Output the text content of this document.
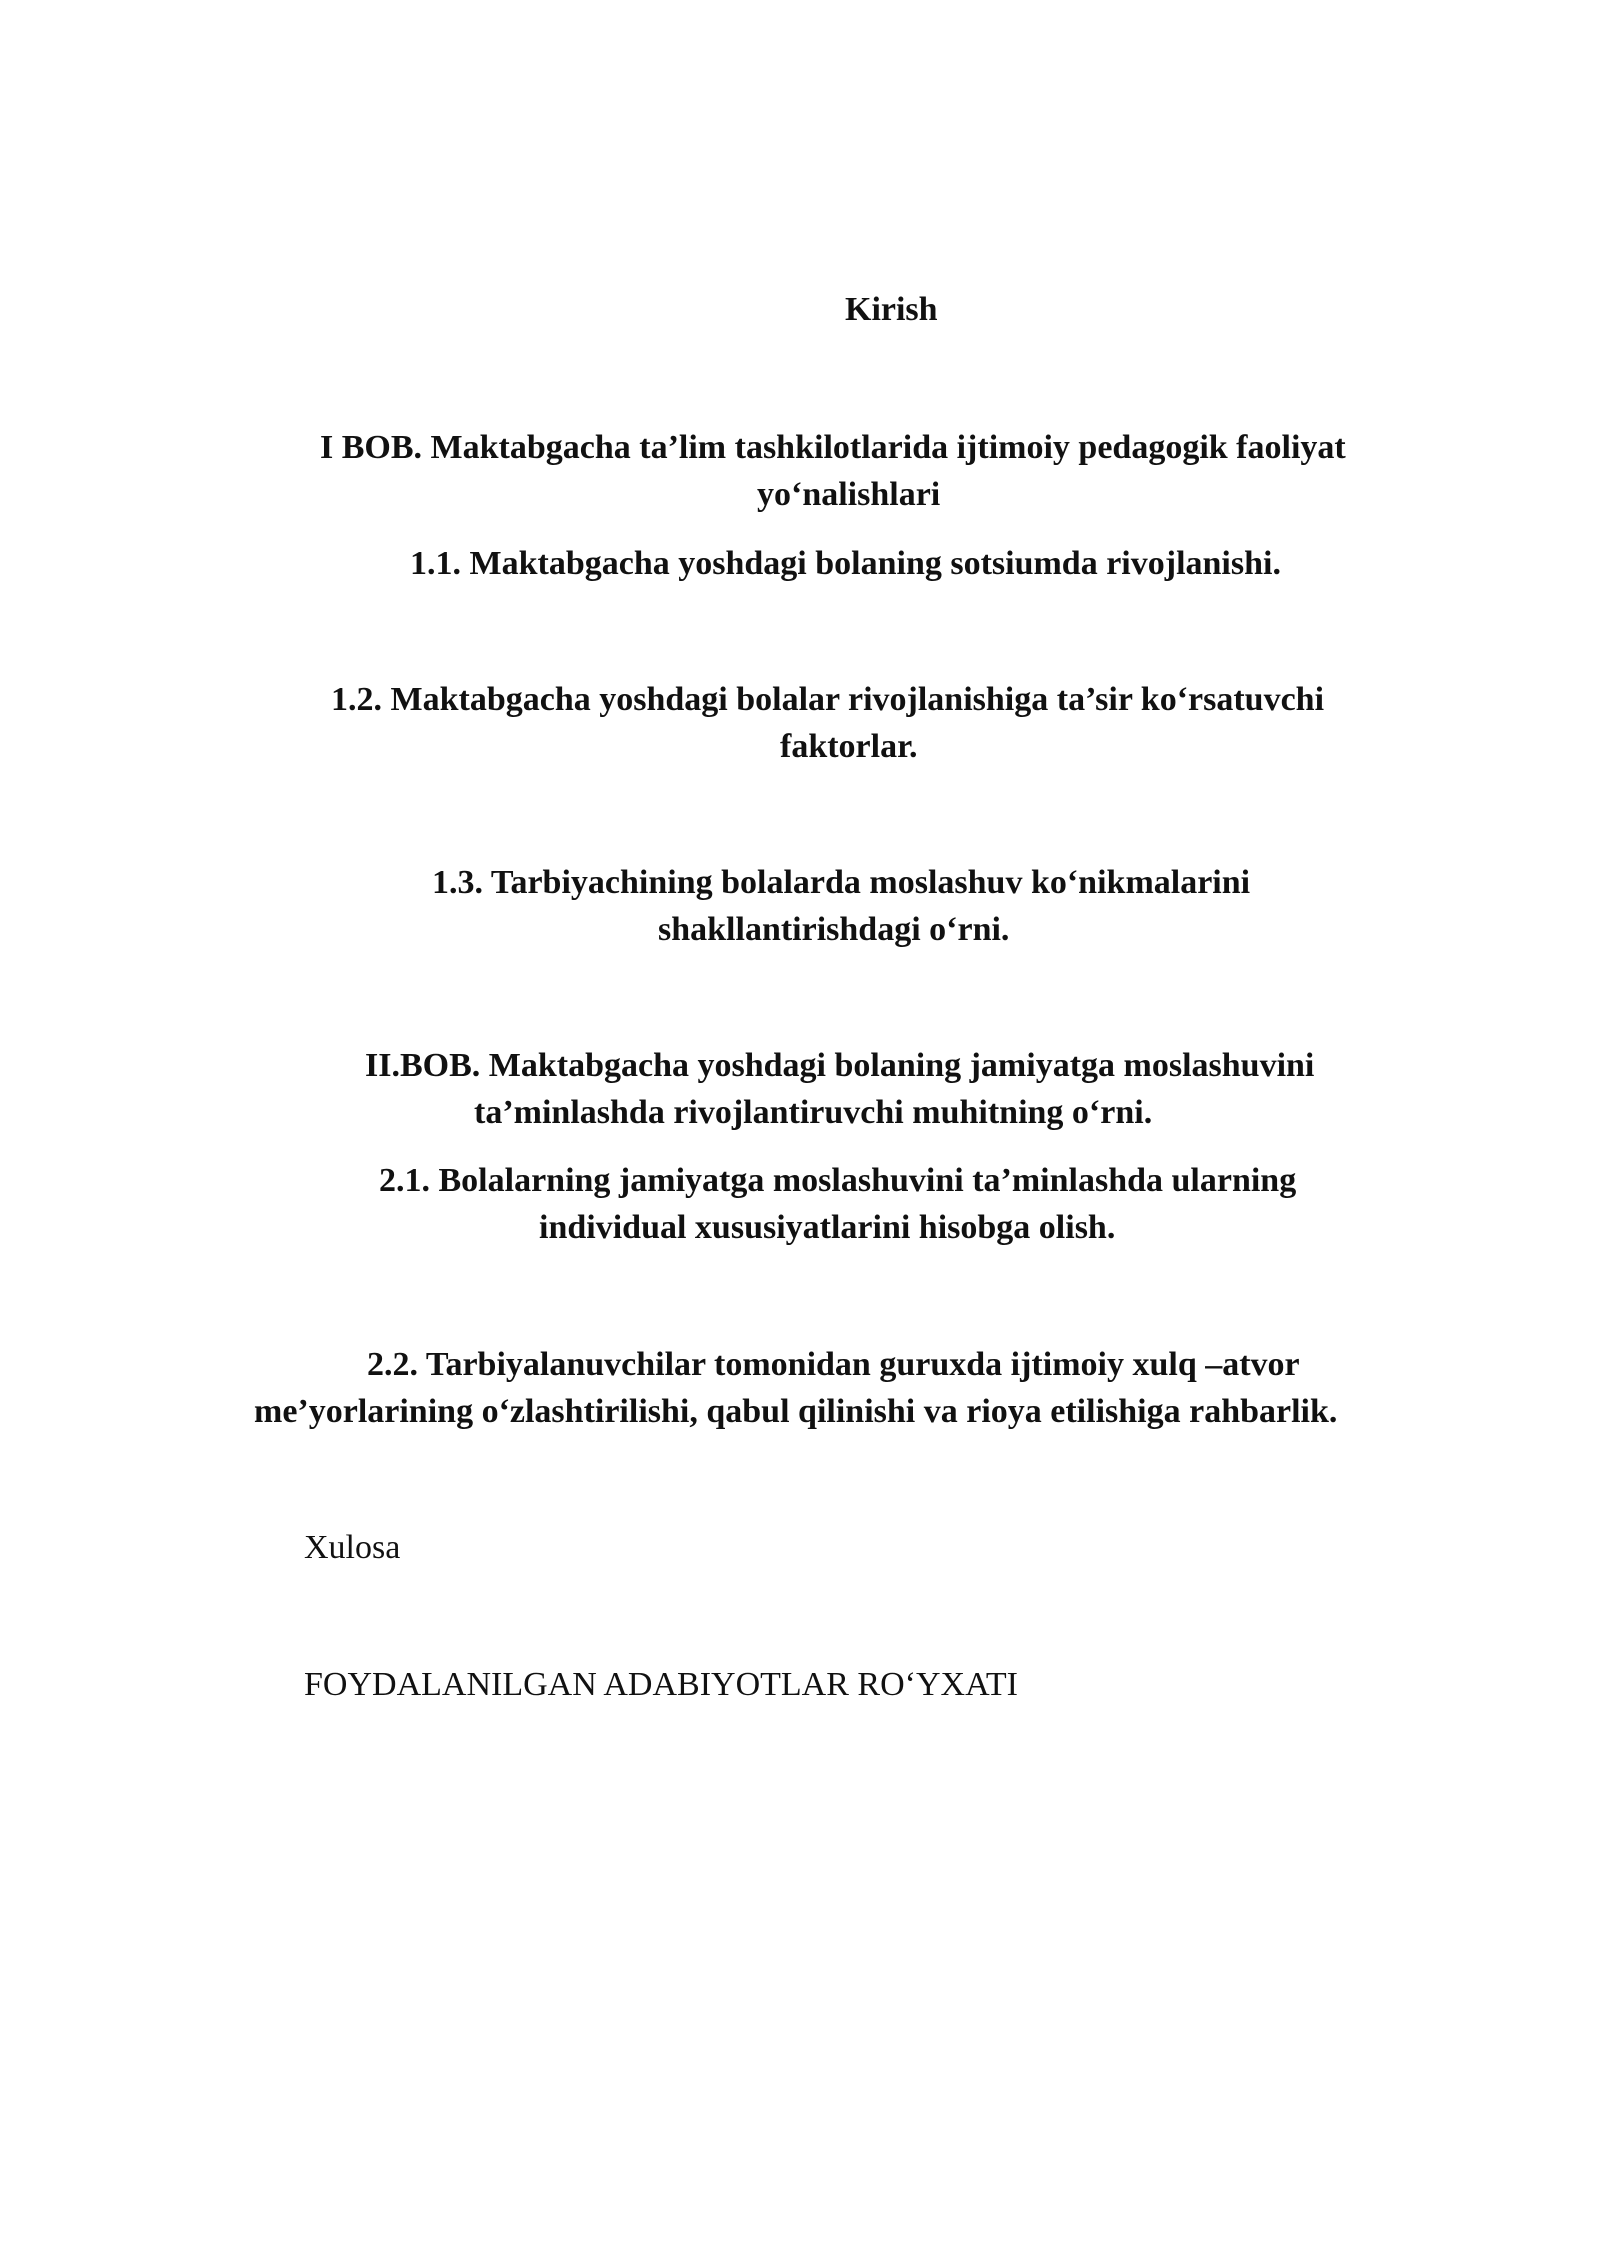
Kirish

I BOB. Maktabgacha ta’lim tashkilotlarida ijtimoiy pedagogik faoliyat

yo‘nalishlari

1.1. Maktabgacha yoshdagi bolaning sotsiumda rivojlanishi.

1.2. Maktabgacha yoshdagi bolalar rivojlanishiga ta’sir ko‘rsatuvchi

faktorlar.

1.3. Tarbiyachining bolalarda moslashuv ko‘nikmalarini

shakllantirishdagi o‘rni.

II.BOB. Maktabgacha yoshdagi bolaning jamiyatga moslashuvini

ta’minlashda rivojlantiruvchi muhitning o‘rni.

2.1. Bolalarning jamiyatga moslashuvini ta’minlashda ularning

individual xususiyatlarini hisobga olish.

2.2. Tarbiyalanuvchilar tomonidan guruxda ijtimoiy xulq –atvor

me’yorlarining o‘zlashtirilishi, qabul qilinishi va rioya etilishiga rahbarlik.

Xulosa

FOYDALANILGAN ADABIYOTLAR RO‘YXATI
